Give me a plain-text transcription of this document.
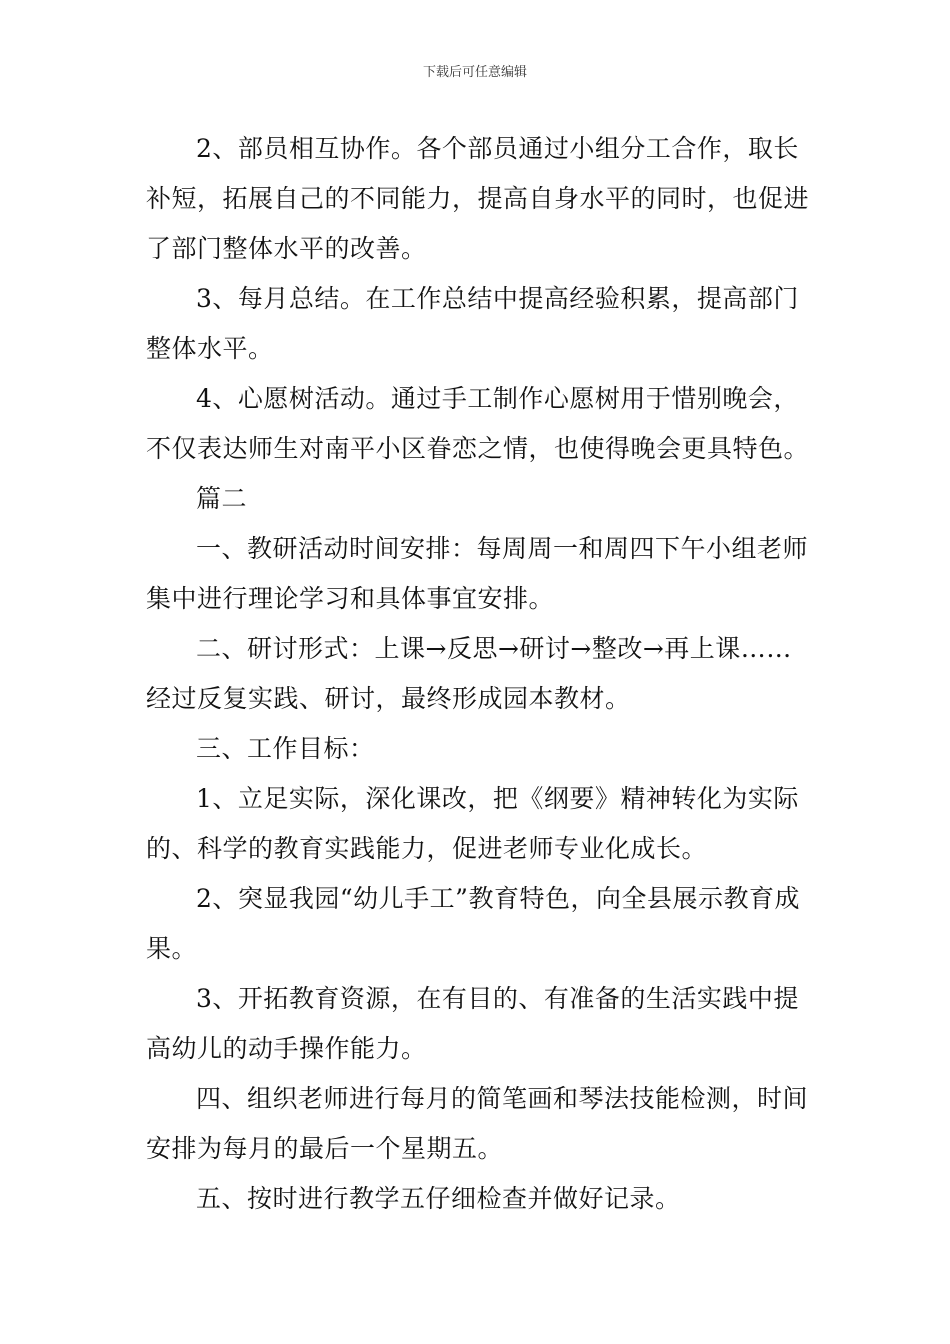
下载后可任意编辑

2、部员相互协作。各个部员通过小组分工合作，取长补短，拓展自己的不同能力，提高自身水平的同时，也促进了部门整体水平的改善。

3、每月总结。在工作总结中提高经验积累，提高部门整体水平。

4、心愿树活动。通过手工制作心愿树用于惜别晚会，不仅表达师生对南平小区眷恋之情，也使得晚会更具特色。

篇二

一、教研活动时间安排：每周周一和周四下午小组老师集中进行理论学习和具体事宜安排。

二、研讨形式：上课→反思→研讨→整改→再上课……经过反复实践、研讨，最终形成园本教材。

三、工作目标：

1、立足实际，深化课改，把《纲要》精神转化为实际的、科学的教育实践能力，促进老师专业化成长。

2、突显我园“幼儿手工”教育特色，向全县展示教育成果。

3、开拓教育资源，在有目的、有准备的生活实践中提高幼儿的动手操作能力。

四、组织老师进行每月的简笔画和琴法技能检测，时间安排为每月的最后一个星期五。

五、按时进行教学五仔细检查并做好记录。
